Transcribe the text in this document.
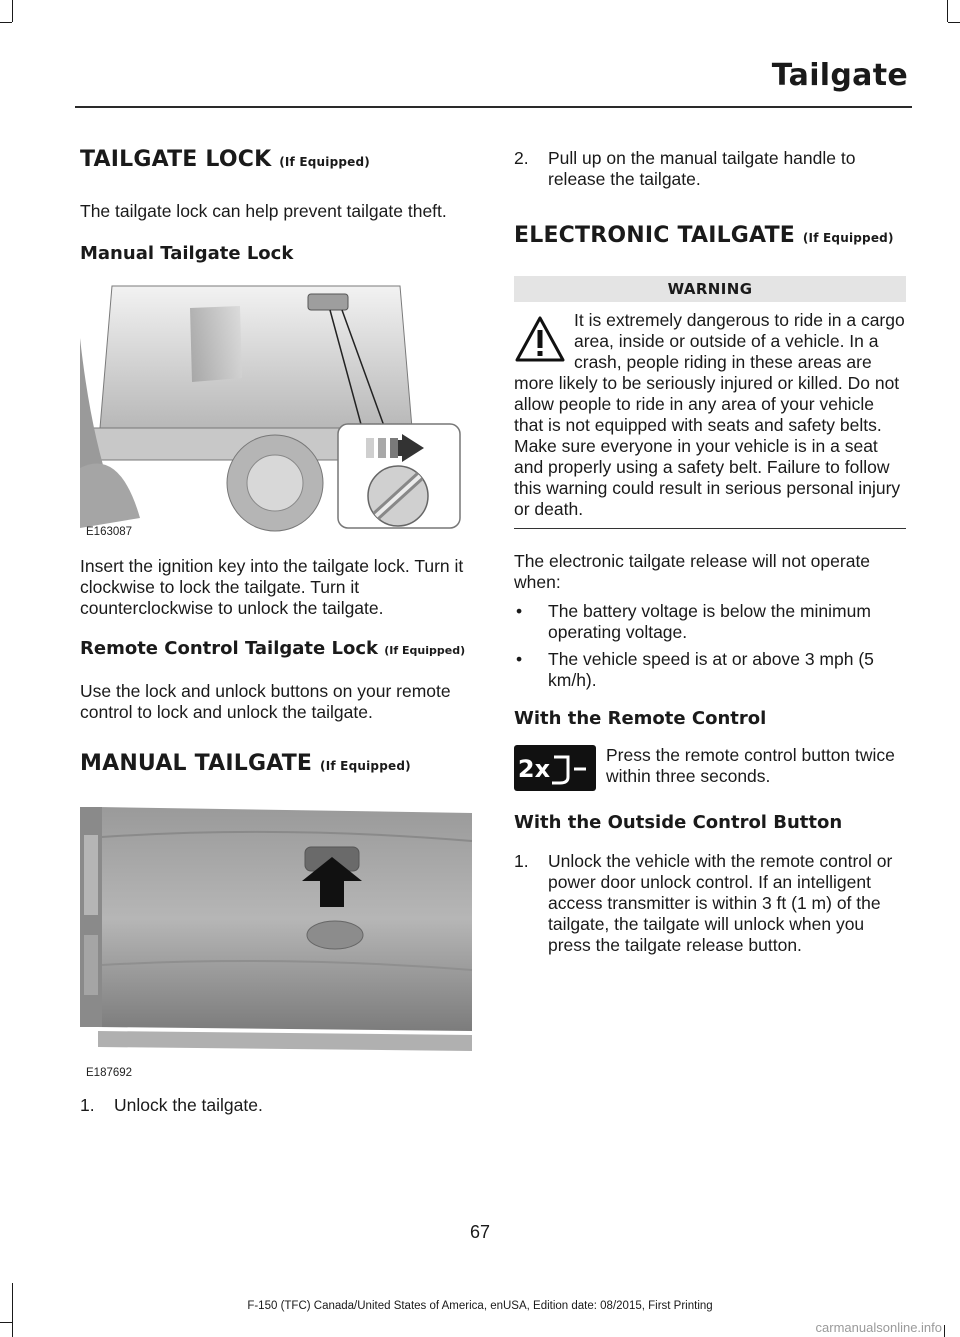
Tailgate
TAILGATE LOCK (If Equipped)

The tailgate lock can help prevent tailgate theft.

Manual Tailgate Lock
E163087

Insert the ignition key into the tailgate lock. Turn it clockwise to lock the tailgate. Turn it counterclockwise to unlock the tailgate.

Remote Control Tailgate Lock (If Equipped)

Use the lock and unlock buttons on your remote control to lock and unlock the tailgate.

MANUAL TAILGATE (If Equipped)
E187692
1. Unlock the tailgate.
2. Pull up on the manual tailgate handle to release the tailgate.
ELECTRONIC TAILGATE (If Equipped)
WARNING
It is extremely dangerous to ride in a cargo area, inside or outside of a vehicle. In a crash, people riding in these areas are more likely to be seriously injured or killed. Do not allow people to ride in any area of your vehicle that is not equipped with seats and safety belts. Make sure everyone in your vehicle is in a seat and properly using a safety belt. Failure to follow this warning could result in serious personal injury or death.

The electronic tailgate release will not operate when:

• The battery voltage is below the minimum operating voltage.
• The vehicle speed is at or above 3 mph (5 km/h).
With the Remote Control
2x	Press the remote control button twice within three seconds.

With the Outside Control Button
1. Unlock the vehicle with the remote control or power door unlock control. If an intelligent access transmitter is within 3 ft (1 m) of the tailgate, the tailgate will unlock when you press the tailgate release button.
67
F-150 (TFC) Canada/United States of America, enUSA, Edition date: 08/2015, First Printing
carmanualsonline.info
